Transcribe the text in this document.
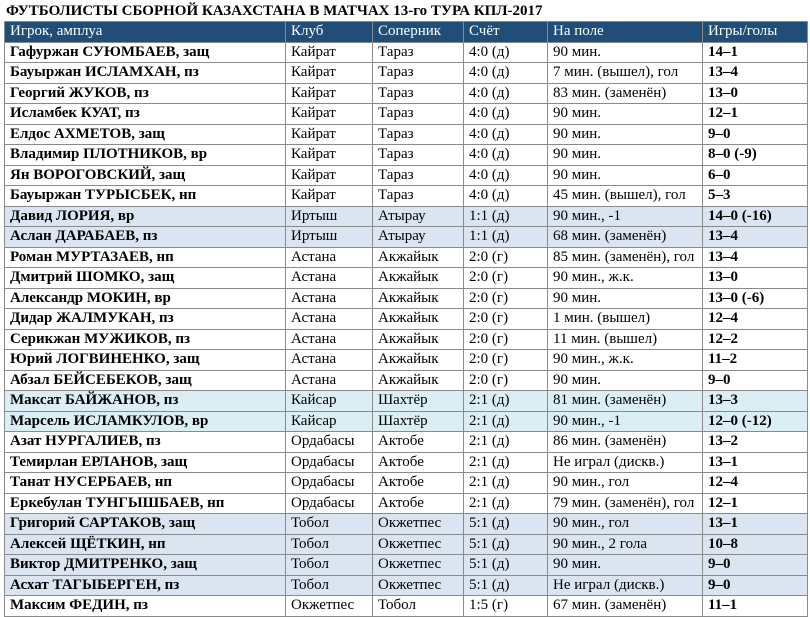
ФУТБОЛИСТЫ СБОРНОЙ КАЗАХСТАНА В МАТЧАХ 13-го ТУРА КПЛ-2017
Игрок, амплуа	Клуб	Соперник	Счёт	На поле	Игры/голы
Гафуржан СУЮМБАЕВ, защ	Кайрат	Тараз	4:0 (д)	90 мин.	14–1
Бауыржан ИСЛАМХАН, пз	Кайрат	Тараз	4:0 (д)	7 мин. (вышел), гол	13–4
Георгий ЖУКОВ, пз	Кайрат	Тараз	4:0 (д)	83 мин. (заменён)	13–0
Исламбек КУАТ, пз	Кайрат	Тараз	4:0 (д)	90 мин.	12–1
Елдос АХМЕТОВ, защ	Кайрат	Тараз	4:0 (д)	90 мин.	9–0
Владимир ПЛОТНИКОВ, вр	Кайрат	Тараз	4:0 (д)	90 мин.	8–0 (-9)
Ян ВОРОГОВСКИЙ, защ	Кайрат	Тараз	4:0 (д)	90 мин.	6–0
Бауыржан ТУРЫСБЕК, нп	Кайрат	Тараз	4:0 (д)	45 мин. (вышел), гол	5–3
Давид ЛОРИЯ, вр	Иртыш	Атырау	1:1 (д)	90 мин., -1	14–0 (-16)
Аслан ДАРАБАЕВ, пз	Иртыш	Атырау	1:1 (д)	68 мин. (заменён)	13–4
Роман МУРТАЗАЕВ, нп	Астана	Акжайык	2:0 (г)	85 мин. (заменён), гол	13–4
Дмитрий ШОМКО, защ	Астана	Акжайык	2:0 (г)	90 мин., ж.к.	13–0
Александр МОКИН, вр	Астана	Акжайык	2:0 (г)	90 мин.	13–0 (-6)
Дидар ЖАЛМУКАН, пз	Астана	Акжайык	2:0 (г)	1 мин. (вышел)	12–4
Серикжан МУЖИКОВ, пз	Астана	Акжайык	2:0 (г)	11 мин. (вышел)	12–2
Юрий ЛОГВИНЕНКО, защ	Астана	Акжайык	2:0 (г)	90 мин., ж.к.	11–2
Абзал БЕЙСЕБЕКОВ, защ	Астана	Акжайык	2:0 (г)	90 мин.	9–0
Максат БАЙЖАНОВ, пз	Кайсар	Шахтёр	2:1 (д)	81 мин. (заменён)	13–3
Марсель ИСЛАМКУЛОВ, вр	Кайсар	Шахтёр	2:1 (д)	90 мин., -1	12–0 (-12)
Азат НУРГАЛИЕВ, пз	Ордабасы	Актобе	2:1 (д)	86 мин. (заменён)	13–2
Темирлан ЕРЛАНОВ, защ	Ордабасы	Актобе	2:1 (д)	Не играл (дискв.)	13–1
Танат НУСЕРБАЕВ, нп	Ордабасы	Актобе	2:1 (д)	90 мин., гол	12–4
Еркебулан ТУНГЫШБАЕВ, нп	Ордабасы	Актобе	2:1 (д)	79 мин. (заменён), гол	12–1
Григорий САРТАКОВ, защ	Тобол	Окжетпес	5:1 (д)	90 мин., гол	13–1
Алексей ЩЁТКИН, нп	Тобол	Окжетпес	5:1 (д)	90 мин., 2 гола	10–8
Виктор ДМИТРЕНКО, защ	Тобол	Окжетпес	5:1 (д)	90 мин.	9–0
Асхат ТАГЫБЕРГЕН, пз	Тобол	Окжетпес	5:1 (д)	Не играл (дискв.)	9–0
Максим ФЕДИН, пз	Окжетпес	Тобол	1:5 (г)	67 мин. (заменён)	11–1
